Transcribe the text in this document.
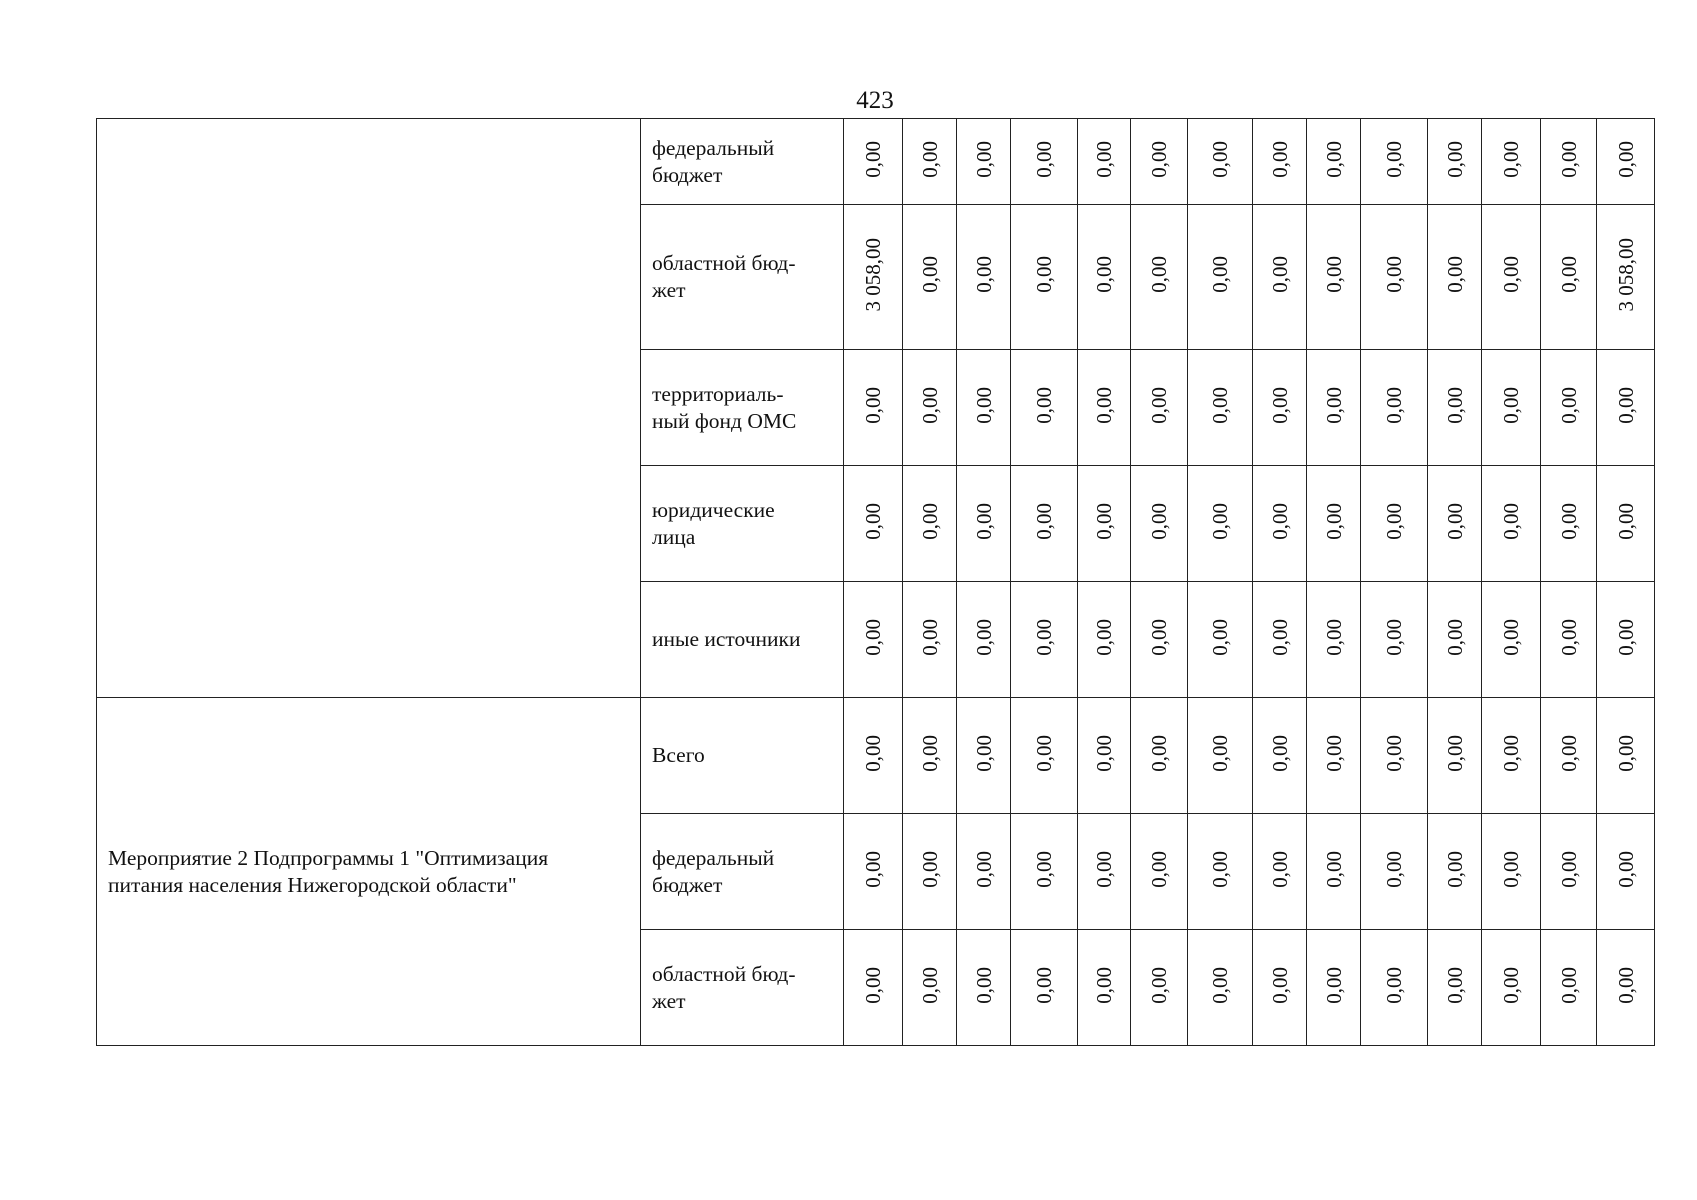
423
	федеральный
бюджет	0,00	0,00	0,00	0,00	0,00	0,00	0,00	0,00	0,00	0,00	0,00	0,00	0,00	0,00
	областной бюд-
жет	3 058,00	0,00	0,00	0,00	0,00	0,00	0,00	0,00	0,00	0,00	0,00	0,00	0,00	3 058,00
	территориаль-
ный фонд ОМС	0,00	0,00	0,00	0,00	0,00	0,00	0,00	0,00	0,00	0,00	0,00	0,00	0,00	0,00
	юридические
лица	0,00	0,00	0,00	0,00	0,00	0,00	0,00	0,00	0,00	0,00	0,00	0,00	0,00	0,00
	иные источники	0,00	0,00	0,00	0,00	0,00	0,00	0,00	0,00	0,00	0,00	0,00	0,00	0,00	0,00
Мероприятие 2 Подпрограммы 1 "Оптимизация
питания населения Нижегородской области"	Всего	0,00	0,00	0,00	0,00	0,00	0,00	0,00	0,00	0,00	0,00	0,00	0,00	0,00	0,00
	федеральный
бюджет	0,00	0,00	0,00	0,00	0,00	0,00	0,00	0,00	0,00	0,00	0,00	0,00	0,00	0,00
	областной бюд-
жет	0,00	0,00	0,00	0,00	0,00	0,00	0,00	0,00	0,00	0,00	0,00	0,00	0,00	0,00
